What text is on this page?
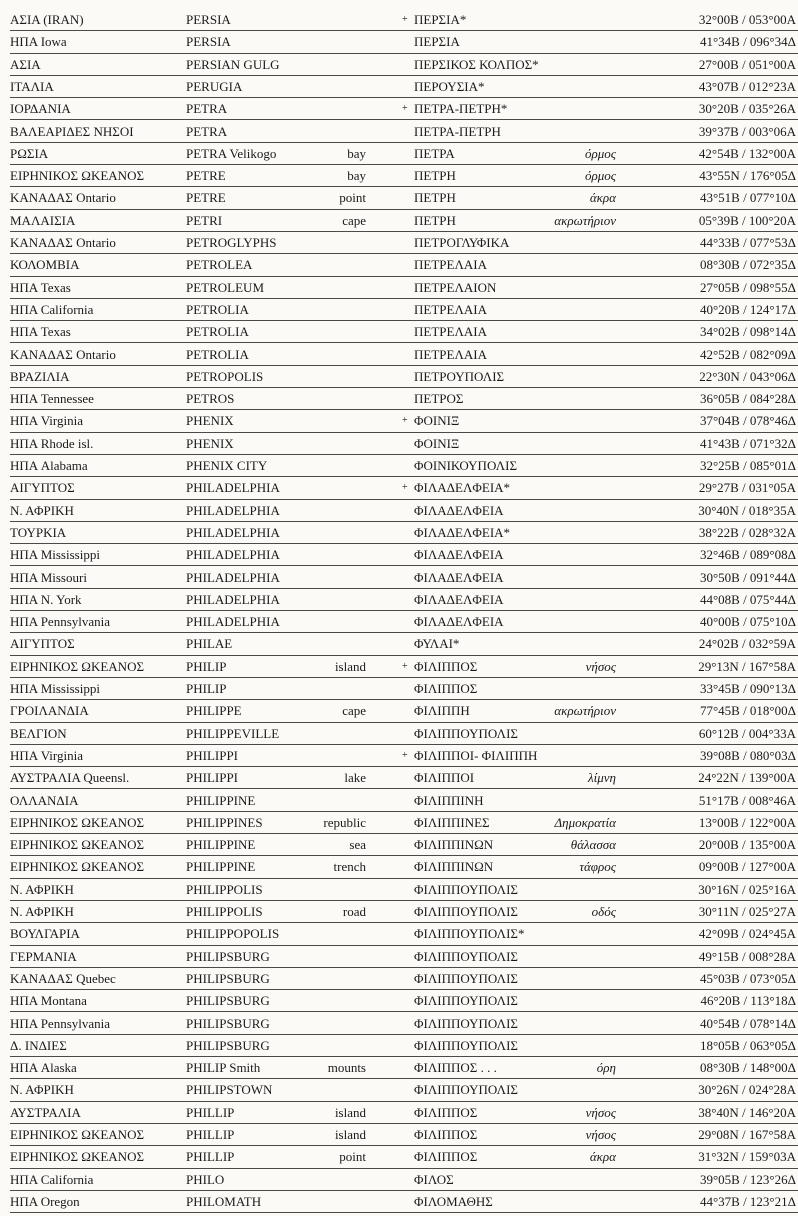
ΑΣΙΑ (IRAN)	PERSIA	+ ΠΕΡΣΙΑ*	32°00B / 053°00A
ΗΠΑ Iowa	PERSIA	ΠΕΡΣΙΑ	41°34B / 096°34Δ
ΑΣΙΑ	PERSIAN GULG	ΠΕΡΣΙΚΟΣ ΚΟΛΠΟΣ*	27°00B / 051°00A
ΙΤΑΛΙΑ	PERUGIA	ΠΕΡΟΥΣΙΑ*	43°07B / 012°23A
ΙΟΡΔΑΝΙΑ	PETRA	+ ΠΕΤΡΑ-ΠΕΤΡΗ*	30°20B / 035°26A
ΒΑΛΕΑΡΙΔΕΣ ΝΗΣΟΙ	PETRA	ΠΕΤΡΑ-ΠΕΤΡΗ	39°37B / 003°06A
ΡΩΣΙΑ	PETRA Velikogo	bay	ΠΕΤΡΑ	όρμος	42°54B / 132°00A
ΕΙΡΗΝΙΚΟΣ ΩΚΕΑΝΟΣ	PETRE	bay	ΠΕΤΡΗ	όρμος	43°55N / 176°05Δ
ΚΑΝΑΔΑΣ Ontario	PETRE	point	ΠΕΤΡΗ	άκρα	43°51B / 077°10Δ
ΜΑΛΑΙΣΙΑ	PETRI	cape	ΠΕΤΡΗ	ακρωτήριον	05°39B / 100°20A
ΚΑΝΑΔΑΣ Ontario	PETROGLYPHS	ΠΕΤΡΟΓΛΥΦΙΚΑ	44°33B / 077°53Δ
ΚΟΛΟΜΒΙΑ	PETROLEA	ΠΕΤΡΕΛΑΙΑ	08°30B / 072°35Δ
ΗΠΑ Texas	PETROLEUM	ΠΕΤΡΕΛΑΙΟΝ	27°05B / 098°55Δ
ΗΠΑ California	PETROLIA	ΠΕΤΡΕΛΑΙΑ	40°20B / 124°17Δ
ΗΠΑ Texas	PETROLIA	ΠΕΤΡΕΛΑΙΑ	34°02B / 098°14Δ
ΚΑΝΑΔΑΣ Ontario	PETROLIA	ΠΕΤΡΕΛΑΙΑ	42°52B / 082°09Δ
ΒΡΑΖΙΛΙΑ	PETROPOLIS	ΠΕΤΡΟΥΠΟΛΙΣ	22°30N / 043°06Δ
ΗΠΑ Tennessee	PETROS	ΠΕΤΡΟΣ	36°05B / 084°28Δ
ΗΠΑ Virginia	PHENIX	+ ΦΟΙΝΙΞ	37°04B / 078°46Δ
ΗΠΑ Rhode isl.	PHENIX	ΦΟΙΝΙΞ	41°43B / 071°32Δ
ΗΠΑ Alabama	PHENIX CITY	ΦΟΙΝΙΚΟΥΠΟΛΙΣ	32°25B / 085°01Δ
ΑΙΓΥΠΤΟΣ	PHILADELPHIA	+ ΦΙΛΑΔΕΛΦΕΙΑ*	29°27B / 031°05A
Ν. ΑΦΡΙΚΗ	PHILADELPHIA	ΦΙΛΑΔΕΛΦΕΙΑ	30°40N / 018°35A
ΤΟΥΡΚΙΑ	PHILADELPHIA	ΦΙΛΑΔΕΛΦΕΙΑ*	38°22B / 028°32A
ΗΠΑ Mississippi	PHILADELPHIA	ΦΙΛΑΔΕΛΦΕΙΑ	32°46B / 089°08Δ
ΗΠΑ Missouri	PHILADELPHIA	ΦΙΛΑΔΕΛΦΕΙΑ	30°50B / 091°44Δ
ΗΠΑ N. York	PHILADELPHIA	ΦΙΛΑΔΕΛΦΕΙΑ	44°08B / 075°44Δ
ΗΠΑ Pennsylvania	PHILADELPHIA	ΦΙΛΑΔΕΛΦΕΙΑ	40°00B / 075°10Δ
ΑΙΓΥΠΤΟΣ	PHILAE	ΦΥΛΑΙ*	24°02B / 032°59A
ΕΙΡΗΝΙΚΟΣ ΩΚΕΑΝΟΣ	PHILIP	island	+ ΦΙΛΙΠΠΟΣ	νήσος	29°13N / 167°58A
ΗΠΑ Mississippi	PHILIP	ΦΙΛΙΠΠΟΣ	33°45B / 090°13Δ
ΓΡΟΙΛΑΝΔΙΑ	PHILIPPE	cape	ΦΙΛΙΠΠΗ	ακρωτήριον	77°45B / 018°00Δ
ΒΕΛΓΙΟΝ	PHILIPPEVILLE	ΦΙΛΙΠΠΟΥΠΟΛΙΣ	60°12B / 004°33A
ΗΠΑ Virginia	PHILIPPI	+ ΦΙΛΙΠΠΟΙ- ΦΙΛΙΠΠΗ	39°08B / 080°03Δ
ΑΥΣΤΡΑΛΙΑ Queensl.	PHILIPPI	lake	ΦΙΛΙΠΠΟΙ	λίμνη	24°22N / 139°00A
ΟΛΛΑΝΔΙΑ	PHILIPPINE	ΦΙΛΙΠΠΙΝΗ	51°17B / 008°46A
ΕΙΡΗΝΙΚΟΣ ΩΚΕΑΝΟΣ	PHILIPPINES	republic	ΦΙΛΙΠΠΙΝΕΣ	Δημοκρατία	13°00B / 122°00A
ΕΙΡΗΝΙΚΟΣ ΩΚΕΑΝΟΣ	PHILIPPINE	sea	ΦΙΛΙΠΠΙΝΩΝ	θάλασσα	20°00B / 135°00A
ΕΙΡΗΝΙΚΟΣ ΩΚΕΑΝΟΣ	PHILIPPINE	trench	ΦΙΛΙΠΠΙΝΩΝ	τάφρος	09°00B / 127°00A
Ν. ΑΦΡΙΚΗ	PHILIPPOLIS	ΦΙΛΙΠΠΟΥΠΟΛΙΣ	30°16N / 025°16A
Ν. ΑΦΡΙΚΗ	PHILIPPOLIS	road	ΦΙΛΙΠΠΟΥΠΟΛΙΣ	οδός	30°11N / 025°27A
ΒΟΥΛΓΑΡΙΑ	PHILIPPOPOLIS	ΦΙΛΙΠΠΟΥΠΟΛΙΣ*	42°09B / 024°45A
ΓΕΡΜΑΝΙΑ	PHILIPSBURG	ΦΙΛΙΠΠΟΥΠΟΛΙΣ	49°15B / 008°28A
ΚΑΝΑΔΑΣ Quebec	PHILIPSBURG	ΦΙΛΙΠΠΟΥΠΟΛΙΣ	45°03B / 073°05Δ
ΗΠΑ Montana	PHILIPSBURG	ΦΙΛΙΠΠΟΥΠΟΛΙΣ	46°20B / 113°18Δ
ΗΠΑ Pennsylvania	PHILIPSBURG	ΦΙΛΙΠΠΟΥΠΟΛΙΣ	40°54B / 078°14Δ
Δ. ΙΝΔΙΕΣ	PHILIPSBURG	ΦΙΛΙΠΠΟΥΠΟΛΙΣ	18°05B / 063°05Δ
ΗΠΑ Alaska	PHILIP Smith	mounts	ΦΙΛΙΠΠΟΣ . . .	όρη	08°30B / 148°00Δ
Ν. ΑΦΡΙΚΗ	PHILIPSTOWN	ΦΙΛΙΠΠΟΥΠΟΛΙΣ	30°26N / 024°28A
ΑΥΣΤΡΑΛΙΑ	PHILLIP	island	ΦΙΛΙΠΠΟΣ	νήσος	38°40N / 146°20A
ΕΙΡΗΝΙΚΟΣ ΩΚΕΑΝΟΣ	PHILLIP	island	ΦΙΛΙΠΠΟΣ	νήσος	29°08N / 167°58A
ΕΙΡΗΝΙΚΟΣ ΩΚΕΑΝΟΣ	PHILLIP	point	ΦΙΛΙΠΠΟΣ	άκρα	31°32N / 159°03A
ΗΠΑ California	PHILO	ΦΙΛΟΣ	39°05B / 123°26Δ
ΗΠΑ Oregon	PHILOMATH	ΦΙΛΟΜΑΘΗΣ	44°37B / 123°21Δ
